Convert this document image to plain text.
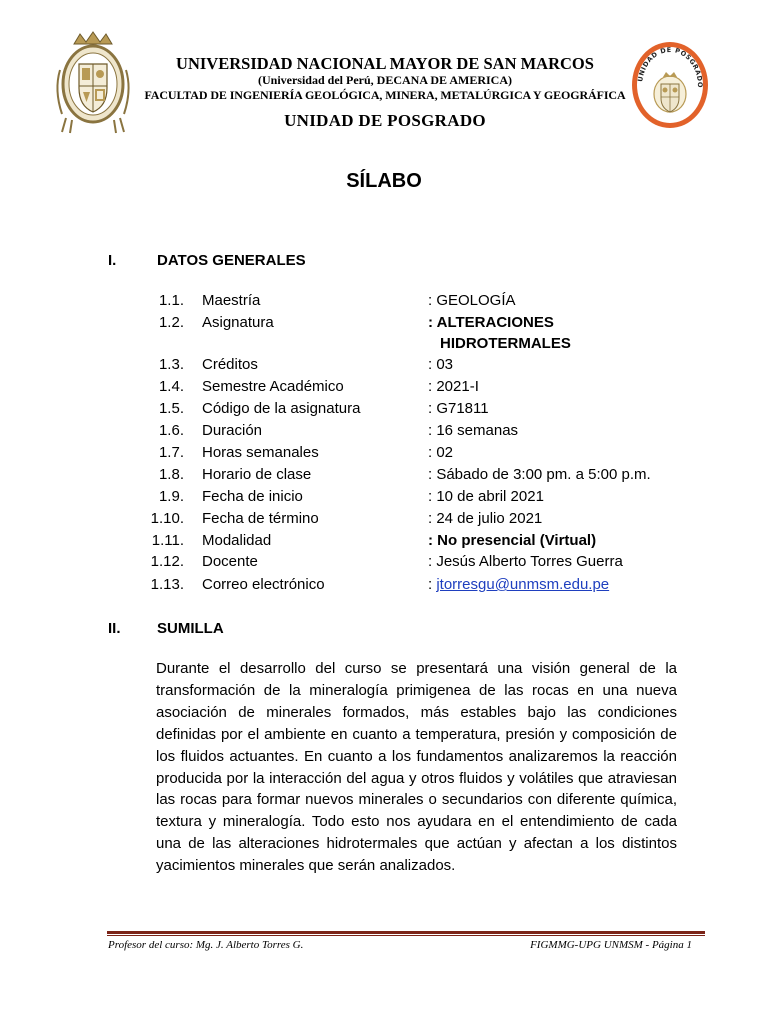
UNIVERSIDAD NACIONAL MAYOR DE SAN MARCOS
(Universidad del Perú, DECANA DE AMERICA)
FACULTAD DE INGENIERÍA GEOLÓGICA, MINERA, METALÚRGICA Y GEOGRÁFICA
UNIDAD DE POSGRADO
UNIDAD DE POSGRADO
SÍLABO
I.	DATOS GENERALES
1.1. Maestría	: GEOLOGÍA
1.2. Asignatura	: ALTERACIONES
HIDROTERMALES
1.3. Créditos	: 03
1.4. Semestre Académico	: 2021-I
1.5. Código de la asignatura	: G71811
1.6. Duración	: 16 semanas
1.7. Horas semanales	: 02
1.8. Horario de clase	: Sábado de 3:00 pm. a 5:00 p.m.
1.9. Fecha de inicio	: 10 de abril 2021
1.10. Fecha de término	: 24 de julio 2021
1.11. Modalidad	: No presencial (Virtual)
1.12. Docente	: Jesús Alberto Torres Guerra
1.13. Correo electrónico	: jtorresgu@unmsm.edu.pe
II. SUMILLA
Durante el desarrollo del curso se presentará una visión general de la transformación de la mineralogía primigenea de las rocas en una nueva asociación de minerales formados, más estables bajo las condiciones definidas por el ambiente en cuanto a temperatura, presión y composición de los fluidos actuantes. En cuanto a los fundamentos analizaremos la reacción producida por la interacción del agua y otros fluidos y volátiles que atraviesan las rocas para formar nuevos minerales o secundarios con diferente química, textura y mineralogía. Todo esto nos ayudara en el entendimiento de cada una de las alteraciones hidrotermales que actúan y afectan a los distintos yacimientos minerales que serán analizados.
Profesor del curso: Mg. J. Alberto Torres G.	FIGMMG-UPG UNMSM - Página 1
